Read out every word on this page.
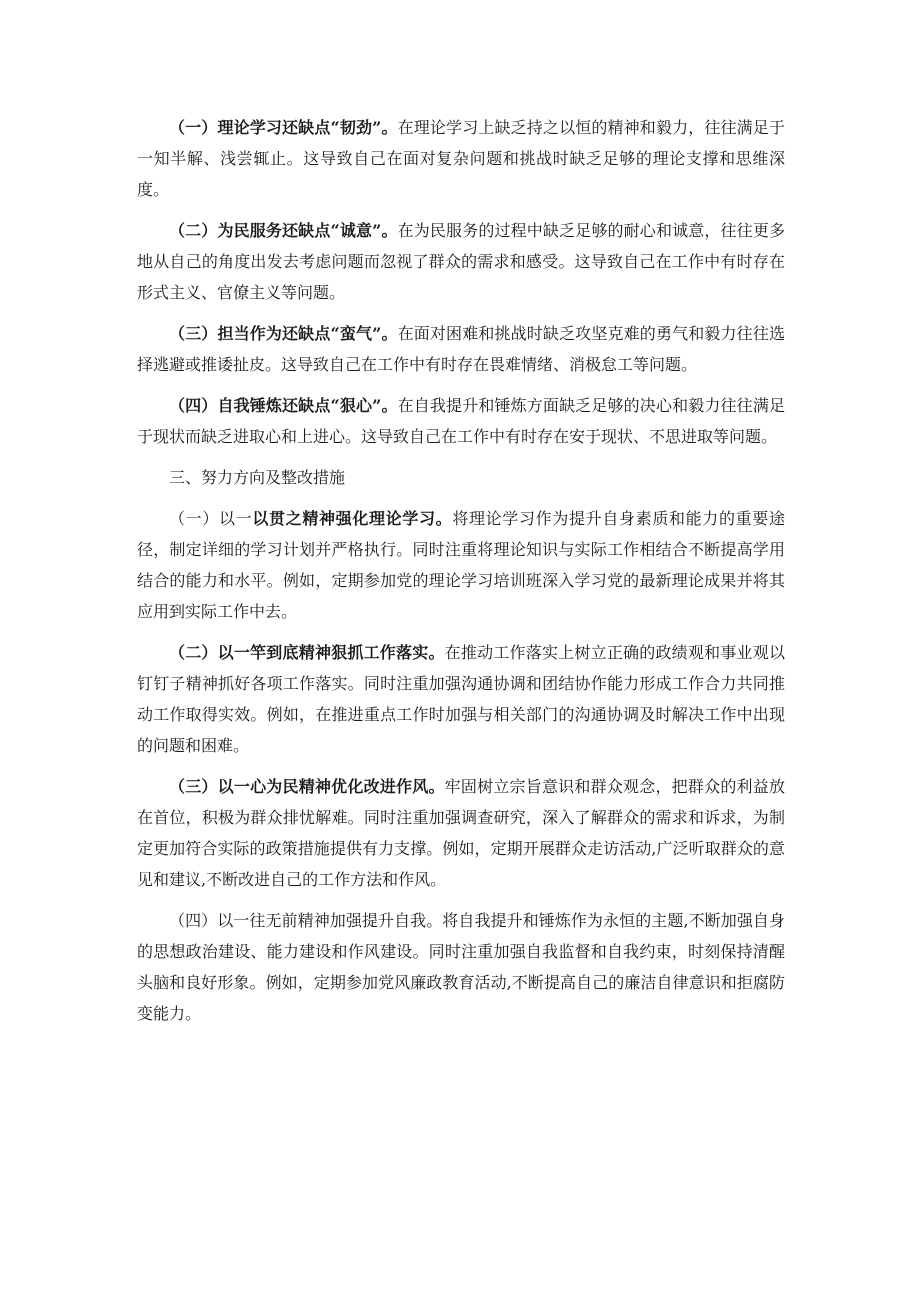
（一）理论学习还缺点“韧劲”。在理论学习上缺乏持之以恒的精神和毅力，往往满足于一知半解、浅尝辄止。这导致自己在面对复杂问题和挑战时缺乏足够的理论支撑和思维深度。

（二）为民服务还缺点“诚意”。在为民服务的过程中缺乏足够的耐心和诚意，往往更多地从自己的角度出发去考虑问题而忽视了群众的需求和感受。这导致自己在工作中有时存在形式主义、官僚主义等问题。

（三）担当作为还缺点“蛮气”。在面对困难和挑战时缺乏攻坚克难的勇气和毅力往往选择逃避或推诿扯皮。这导致自己在工作中有时存在畏难情绪、消极怠工等问题。

（四）自我锤炼还缺点“狠心”。在自我提升和锤炼方面缺乏足够的决心和毅力往往满足于现状而缺乏进取心和上进心。这导致自己在工作中有时存在安于现状、不思进取等问题。

三、努力方向及整改措施

（一）以一以贯之精神强化理论学习。将理论学习作为提升自身素质和能力的重要途径，制定详细的学习计划并严格执行。同时注重将理论知识与实际工作相结合不断提高学用结合的能力和水平。例如，定期参加党的理论学习培训班深入学习党的最新理论成果并将其应用到实际工作中去。

（二）以一竿到底精神狠抓工作落实。在推动工作落实上树立正确的政绩观和事业观以钉钉子精神抓好各项工作落实。同时注重加强沟通协调和团结协作能力形成工作合力共同推动工作取得实效。例如，在推进重点工作时加强与相关部门的沟通协调及时解决工作中出现的问题和困难。

（三）以一心为民精神优化改进作风。牢固树立宗旨意识和群众观念，把群众的利益放在首位，积极为群众排忧解难。同时注重加强调查研究，深入了解群众的需求和诉求，为制定更加符合实际的政策措施提供有力支撑。例如，定期开展群众走访活动,广泛听取群众的意见和建议,不断改进自己的工作方法和作风。

（四）以一往无前精神加强提升自我。将自我提升和锤炼作为永恒的主题,不断加强自身的思想政治建设、能力建设和作风建设。同时注重加强自我监督和自我约束，时刻保持清醒头脑和良好形象。例如，定期参加党风廉政教育活动,不断提高自己的廉洁自律意识和拒腐防变能力。
